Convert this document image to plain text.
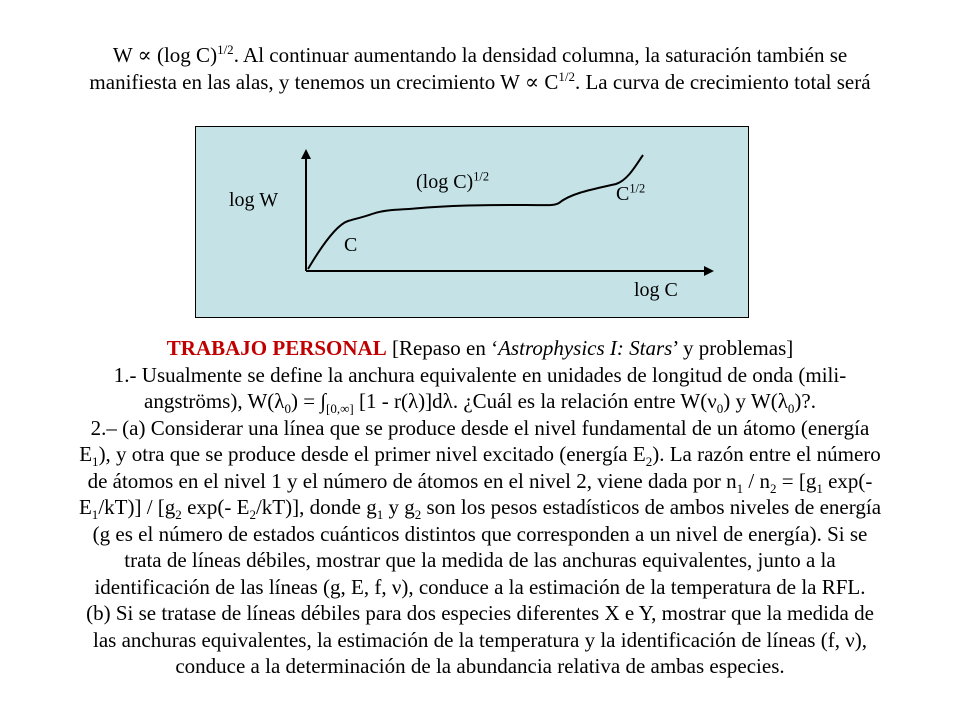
W ∝ (log C)$^{1/2}$. Al continuar aumentando la densidad columna, la saturación también se
manifiesta en las alas, y tenemos un crecimiento $W \propto C^{1/2}$. La curva de crecimiento total será
log W
log C
C
(log C)$^{1/2}$
$C^{1/2}$
TRABAJO PERSONAL [Repaso en ‘Astrophysics I: Stars’ y problemas]
1.- Usualmente se define la anchura equivalente en unidades de longitud de onda (mili-
angströms), $W(\lambda_0) = \int_{[0,\infty]}$ [1 - r(λ)]dλ. ¿Cuál es la relación entre $W(\nu_0)$ y $W(\lambda_0)$?.
2.– (a) Considerar una línea que se produce desde el nivel fundamental de un átomo (energía
$E_1$), y otra que se produce desde el primer nivel excitado (energía $E_2$). La razón entre el número
de átomos en el nivel 1 y el número de átomos en el nivel 2, viene dada por $n_1 / n_2 = [g_1$ exp(-
$E_1/kT)] / [g_2$ exp(- $E_2/kT$)], donde $g_1$ y $g_2$ son los pesos estadísticos de ambos niveles de energía
(g es el número de estados cuánticos distintos que corresponden a un nivel de energía). Si se
trata de líneas débiles, mostrar que la medida de las anchuras equivalentes, junto a la
identificación de las líneas (g, E, f, ν), conduce a la estimación de la temperatura de la RFL.
(b) Si se tratase de líneas débiles para dos especies diferentes X e Y, mostrar que la medida de
las anchuras equivalentes, la estimación de la temperatura y la identificación de líneas (f, ν),
conduce a la determinación de la abundancia relativa de ambas especies.
